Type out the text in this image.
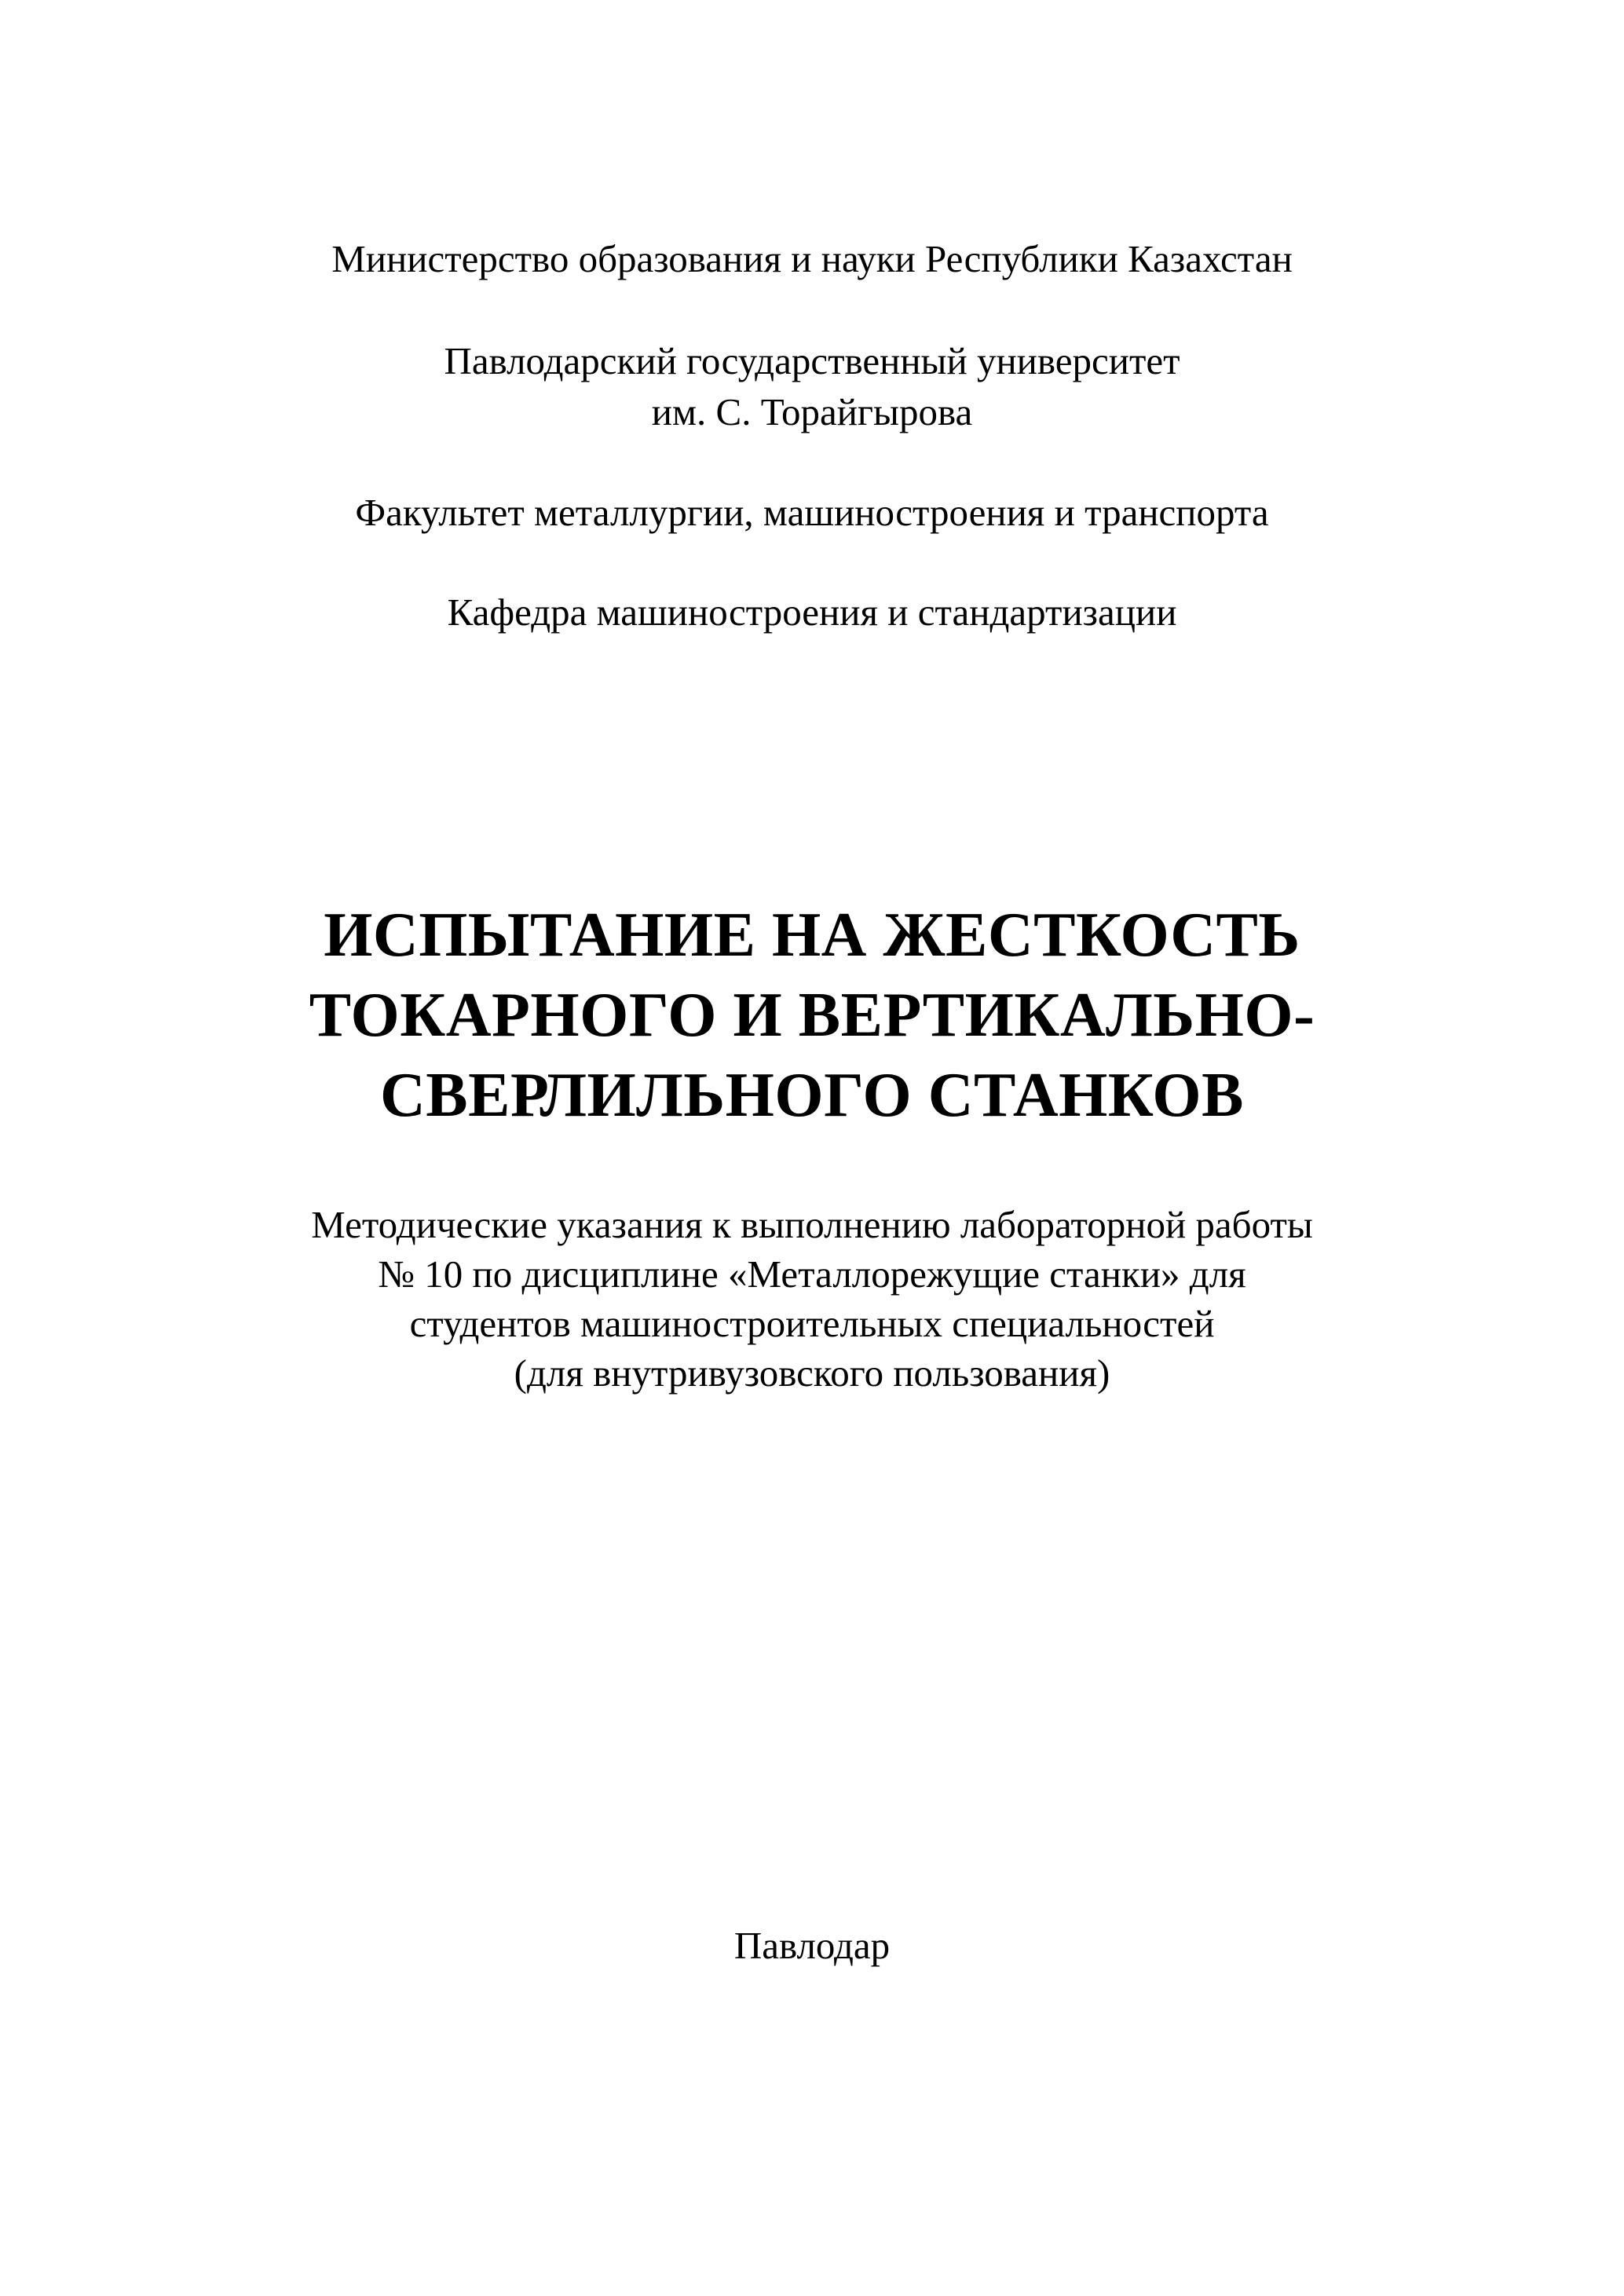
Министерство образования и науки Республики Казахстан
Павлодарский государственный университет
им. С. Торайгырова
Факультет металлургии, машиностроения и транспорта
Кафедра машиностроения и стандартизации
ИСПЫТАНИЕ НА ЖЕСТКОСТЬ
ТОКАРНОГО И ВЕРТИКАЛЬНО-
СВЕРЛИЛЬНОГО СТАНКОВ
Методические указания к выполнению лабораторной работы
№ 10 по дисциплине «Металлорежущие станки» для
студентов машиностроительных специальностей
(для внутривузовского пользования)
Павлодар
